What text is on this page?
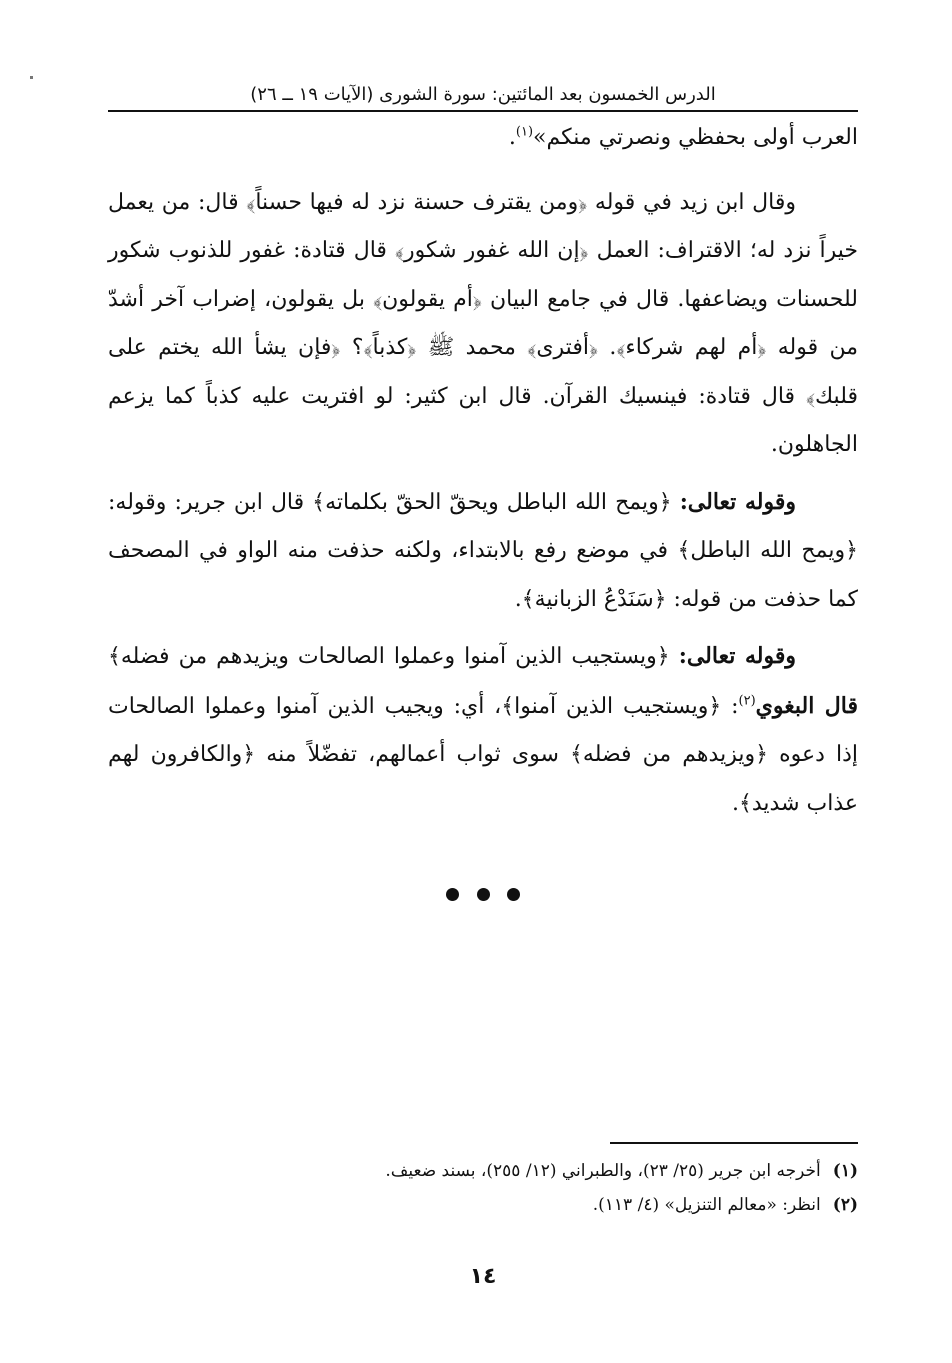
الدرس الخمسون بعد المائتين: سورة الشورى (الآيات ١٩ ــ ٢٦)

العرب أولى بحفظي ونصرتي منكم»$^{(١)}$.

وقال ابن زيد في قوله ﴿ومن يقترف حسنة نزد له فيها حسناً﴾ قال: من يعمل خيراً نزد له؛ الاقتراف: العمل ﴿إن الله غفور شكور﴾ قال قتادة: غفور للذنوب شكور للحسنات ويضاعفها. قال في جامع البيان ﴿أم يقولون﴾ بل يقولون، إضراب آخر أشدّ من قوله ﴿أم لهم شركاء﴾. ﴿أفترى﴾ محمد ﷺ ﴿كذباً﴾؟ ﴿فإن يشأ الله يختم على قلبك﴾ قال قتادة: فينسيك القرآن. قال ابن كثير: لو افتريت عليه كذباً كما يزعم الجاهلون.

وقوله تعالى: ﴿ويمح الله الباطل ويحقّ الحقّ بكلماته﴾ قال ابن جرير: وقوله: ﴿ويمح الله الباطل﴾ في موضع رفع بالابتداء، ولكنه حذفت منه الواو في المصحف كما حذفت من قوله: ﴿سَنَدْعُ الزبانية﴾.

وقوله تعالى: ﴿ويستجيب الذين آمنوا وعملوا الصالحات ويزيدهم من فضله﴾ قال البغوي$^{(٢)}$: ﴿ويستجيب الذين آمنوا﴾، أي: ويجيب الذين آمنوا وعملوا الصالحات إذا دعوه ﴿ويزيدهم من فضله﴾ سوى ثواب أعمالهم، تفضّلاً منه ﴿والكافرون لهم عذاب شديد﴾.

(١)أخرجه ابن جرير (٢٥/ ٢٣)، والطبراني (١٢/ ٢٥٥)، بسند ضعيف.
(٢)انظر: «معالم التنزيل» (٤/ ١١٣).
١٤
